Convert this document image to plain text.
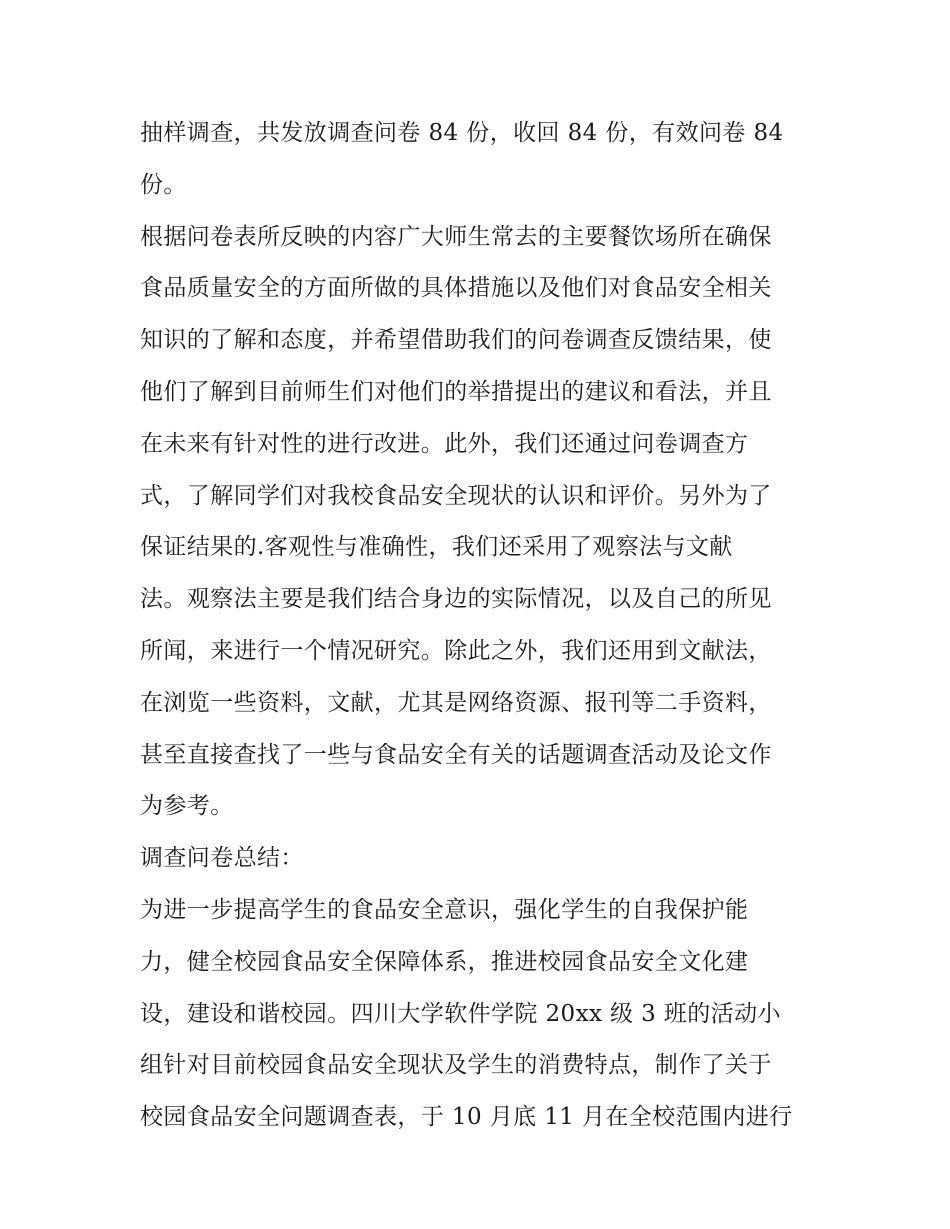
抽样调查，共发放调查问卷 84 份，收回 84 份，有效问卷 84
份。
根据问卷表所反映的内容广大师生常去的主要餐饮场所在确保
食品质量安全的方面所做的具体措施以及他们对食品安全相关
知识的了解和态度，并希望借助我们的问卷调查反馈结果，使
他们了解到目前师生们对他们的举措提出的建议和看法，并且
在未来有针对性的进行改进。此外，我们还通过问卷调查方
式，了解同学们对我校食品安全现状的认识和评价。另外为了
保证结果的.客观性与准确性，我们还采用了观察法与文献
法。观察法主要是我们结合身边的实际情况，以及自己的所见
所闻，来进行一个情况研究。除此之外，我们还用到文献法，
在浏览一些资料，文献，尤其是网络资源、报刊等二手资料，
甚至直接查找了一些与食品安全有关的话题调查活动及论文作
为参考。
调查问卷总结：
为进一步提高学生的食品安全意识，强化学生的自我保护能
力，健全校园食品安全保障体系，推进校园食品安全文化建
设，建设和谐校园。四川大学软件学院 20xx 级 3 班的活动小
组针对目前校园食品安全现状及学生的消费特点，制作了关于
校园食品安全问题调查表，于 10 月底 11 月在全校范围内进行
